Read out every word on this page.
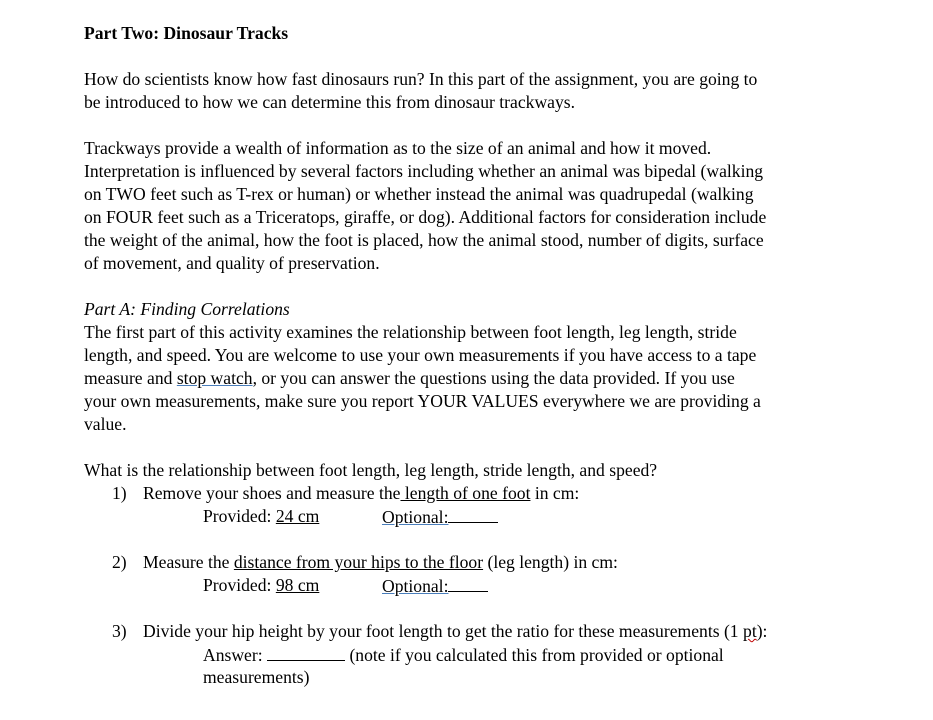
Part Two: Dinosaur Tracks
How do scientists know how fast dinosaurs run? In this part of the assignment, you are going to
be introduced to how we can determine this from dinosaur trackways.
Trackways provide a wealth of information as to the size of an animal and how it moved.
Interpretation is influenced by several factors including whether an animal was bipedal (walking
on TWO feet such as T-rex or human) or whether instead the animal was quadrupedal (walking
on FOUR feet such as a Triceratops, giraffe, or dog). Additional factors for consideration include
the weight of the animal, how the foot is placed, how the animal stood, number of digits, surface
of movement, and quality of preservation.
Part A: Finding Correlations
The first part of this activity examines the relationship between foot length, leg length, stride
length, and speed. You are welcome to use your own measurements if you have access to a tape
measure and stop watch, or you can answer the questions using the data provided. If you use
your own measurements, make sure you report YOUR VALUES everywhere we are providing a
value.
What is the relationship between foot length, leg length, stride length, and speed?
1) Remove your shoes and measure the length of one foot in cm:
Provided: 24 cm	Optional:
2) Measure the distance from your hips to the floor (leg length) in cm:
Provided: 98 cm	Optional:
3) Divide your hip height by your foot length to get the ratio for these measurements (1 pt):
Answer:	(note if you calculated this from provided or optional
measurements)
